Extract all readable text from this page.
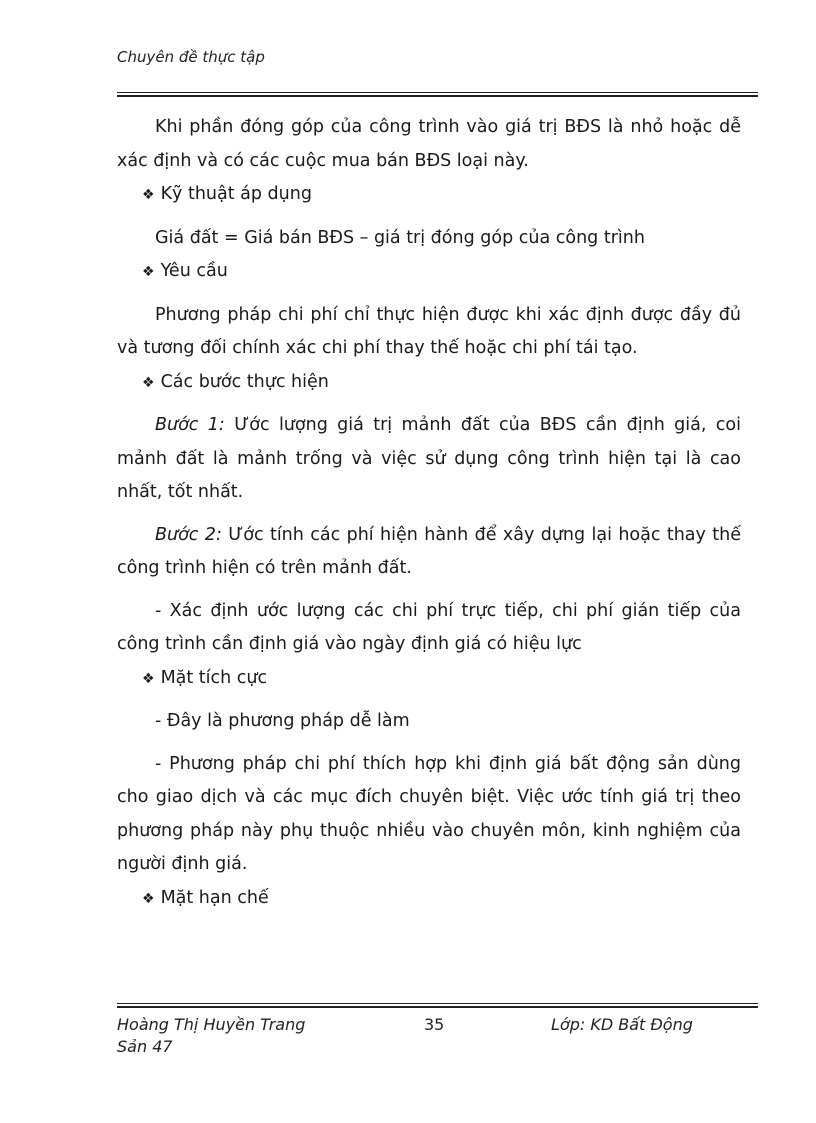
Chuyên đề thực tập

Khi phần đóng góp của công trình vào giá trị BĐS là nhỏ hoặc dễ xác định và có các cuộc mua bán BĐS loại này.

❖ Kỹ thuật áp dụng

Giá đất = Giá bán BĐS – giá trị đóng góp của công trình

❖ Yêu cầu

Phương pháp chi phí chỉ thực hiện được khi xác định được đầy đủ và tương đối chính xác chi phí thay thế hoặc chi phí tái tạo.

❖ Các bước thực hiện

Bước 1: Ước lượng giá trị mảnh đất của BĐS cần định giá, coi mảnh đất là mảnh trống và việc sử dụng công trình hiện tại là cao nhất, tốt nhất.

Bước 2: Ước tính các phí hiện hành để xây dựng lại hoặc thay thế công trình hiện có trên mảnh đất.

- Xác định ước lượng các chi phí trực tiếp, chi phí gián tiếp của công trình cần định giá vào ngày định giá có hiệu lực

❖ Mặt tích cực

- Đây là phương pháp dễ làm

- Phương pháp chi phí thích hợp khi định giá bất động sản dùng cho giao dịch và các mục đích chuyên biệt. Việc ước tính giá trị theo phương pháp này phụ thuộc nhiều vào chuyên môn, kinh nghiệm của người định giá.

❖ Mặt hạn chế

Hoàng Thị Huyền Trang	35	Lớp: KD Bất Động
Sản 47
